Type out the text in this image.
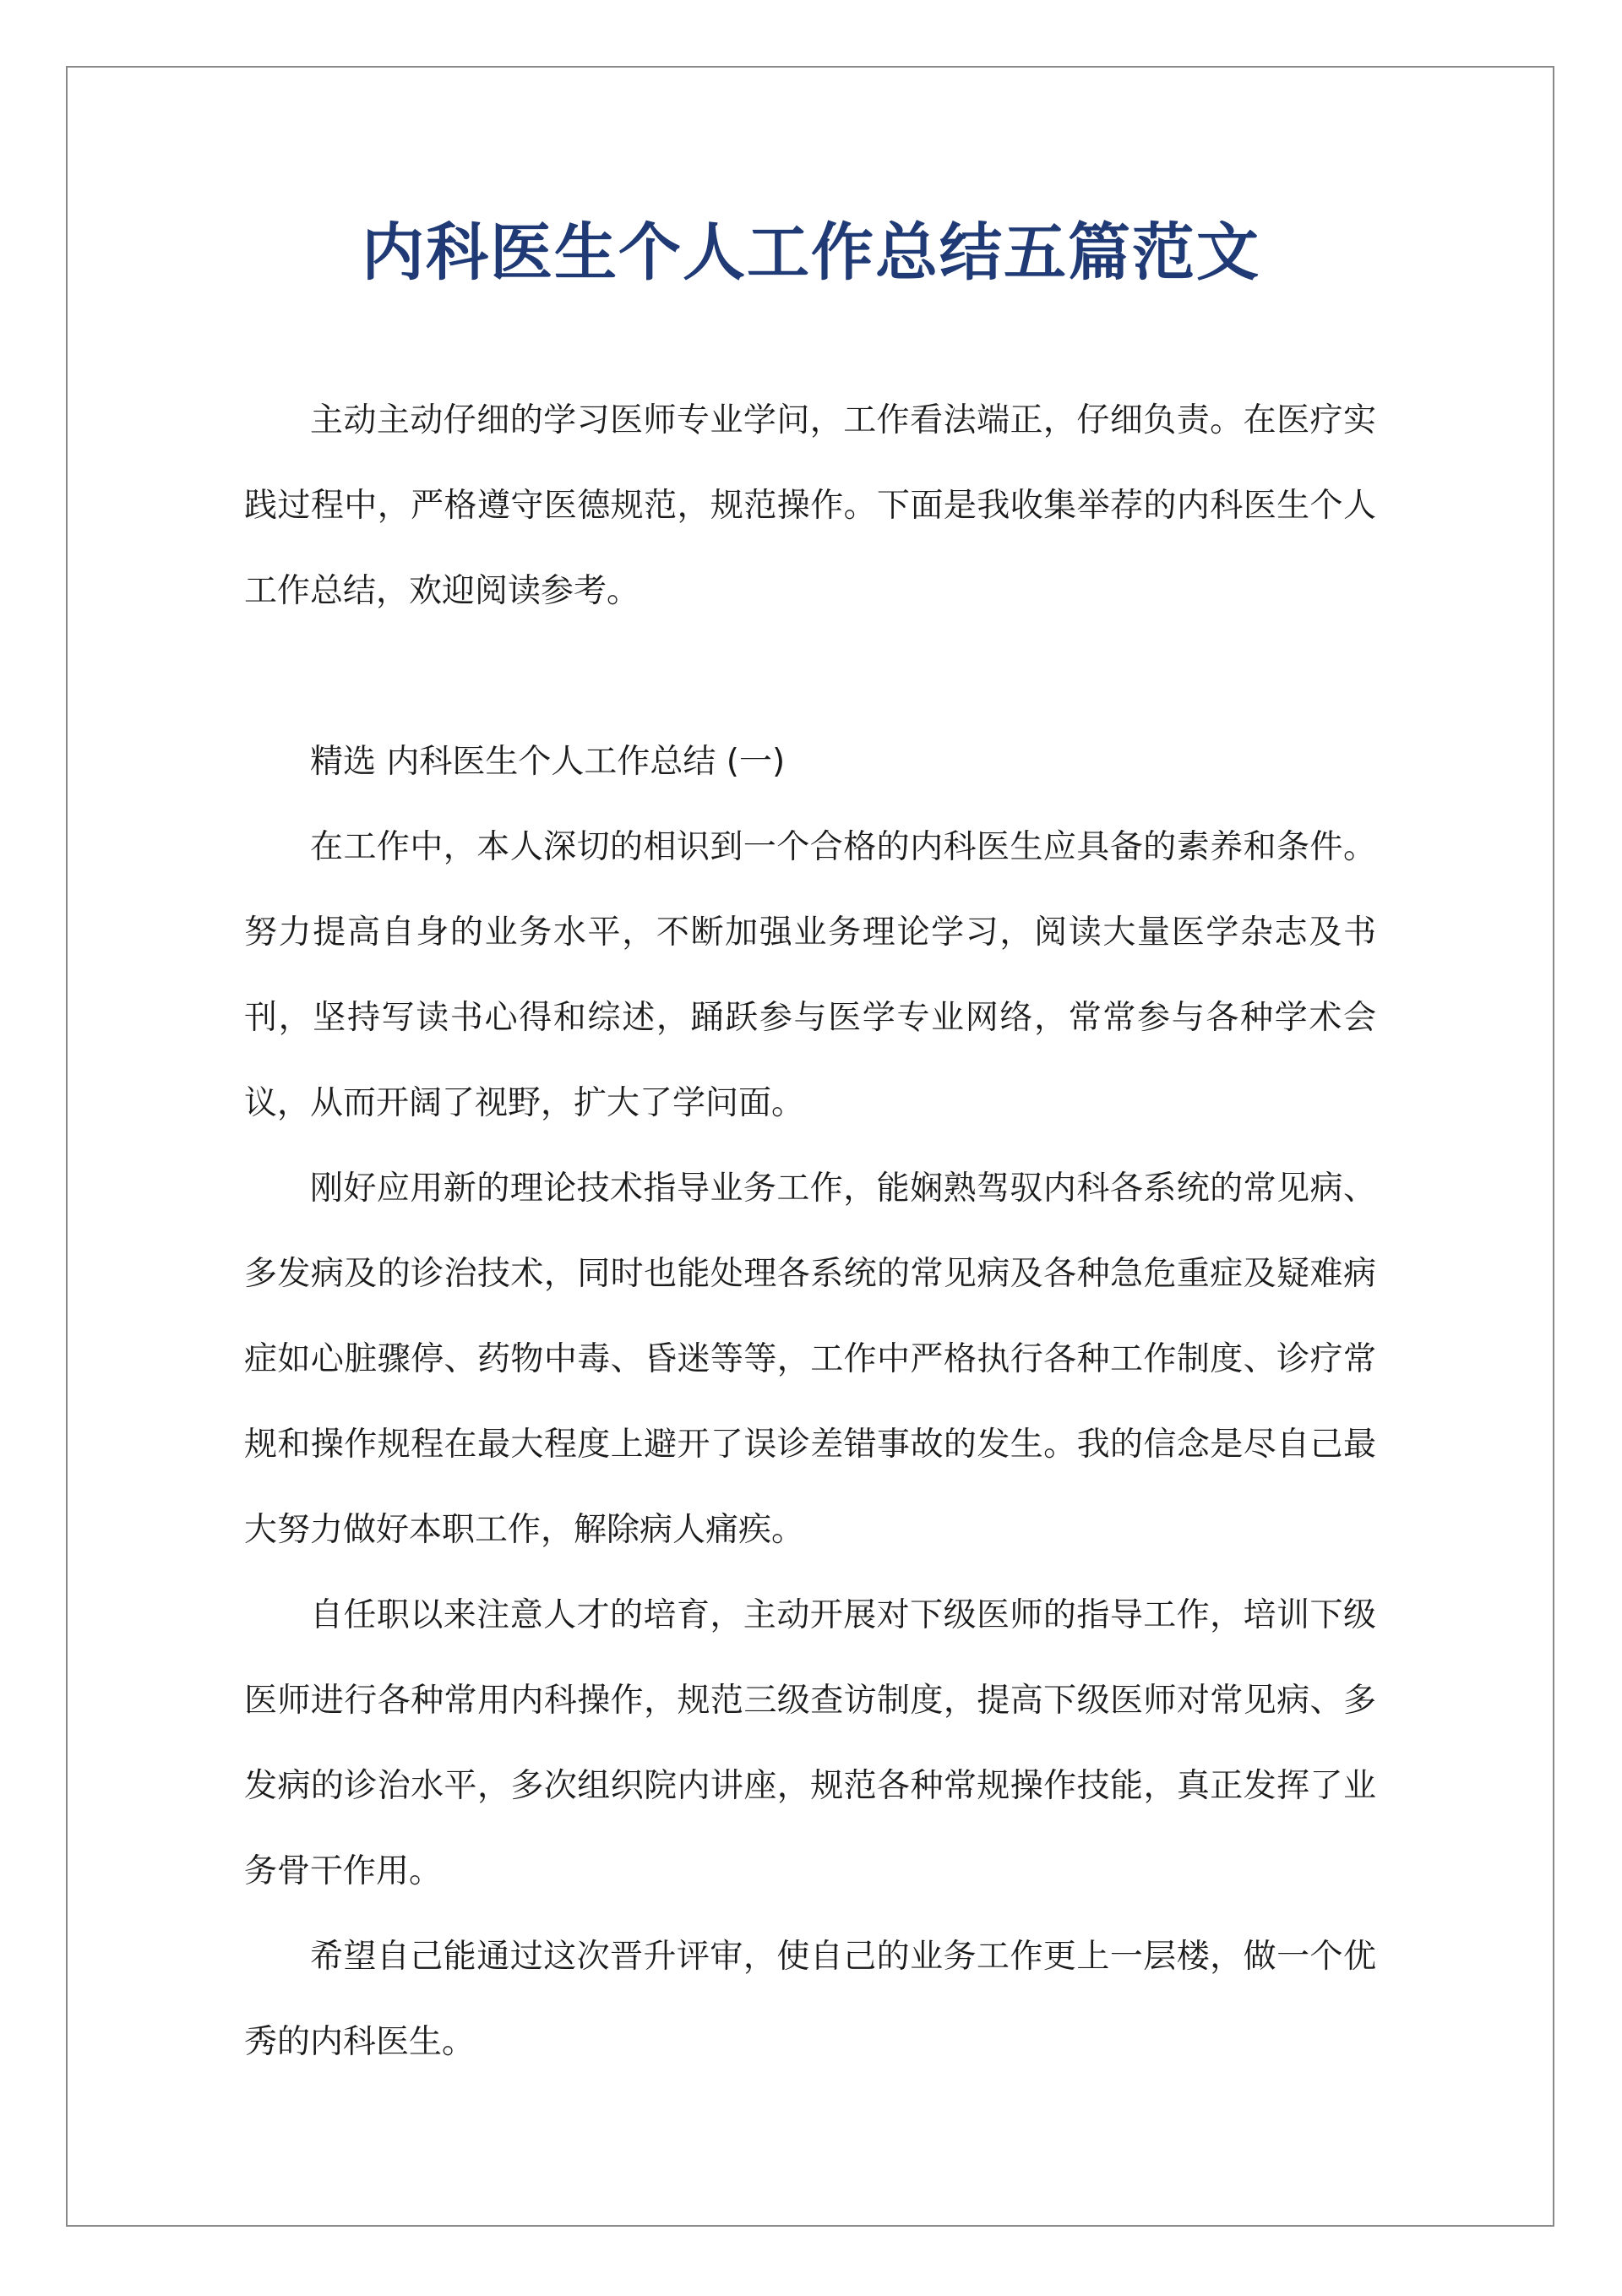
内科医生个人工作总结五篇范文

主动主动仔细的学习医师专业学问，工作看法端正，仔细负责。在医疗实践过程中，严格遵守医德规范，规范操作。下面是我收集举荐的内科医生个人工作总结，欢迎阅读参考。

精选 内科医生个人工作总结 (一)

在工作中，本人深切的相识到一个合格的内科医生应具备的素养和条件。努力提高自身的业务水平，不断加强业务理论学习，阅读大量医学杂志及书刊，坚持写读书心得和综述，踊跃参与医学专业网络，常常参与各种学术会议，从而开阔了视野，扩大了学问面。

刚好应用新的理论技术指导业务工作，能娴熟驾驭内科各系统的常见病、多发病及的诊治技术，同时也能处理各系统的常见病及各种急危重症及疑难病症如心脏骤停、药物中毒、昏迷等等，工作中严格执行各种工作制度、诊疗常规和操作规程在最大程度上避开了误诊差错事故的发生。我的信念是尽自己最大努力做好本职工作，解除病人痛疾。

自任职以来注意人才的培育，主动开展对下级医师的指导工作，培训下级医师进行各种常用内科操作，规范三级查访制度，提高下级医师对常见病、多发病的诊治水平，多次组织院内讲座，规范各种常规操作技能，真正发挥了业务骨干作用。

希望自己能通过这次晋升评审，使自己的业务工作更上一层楼，做一个优秀的内科医生。
